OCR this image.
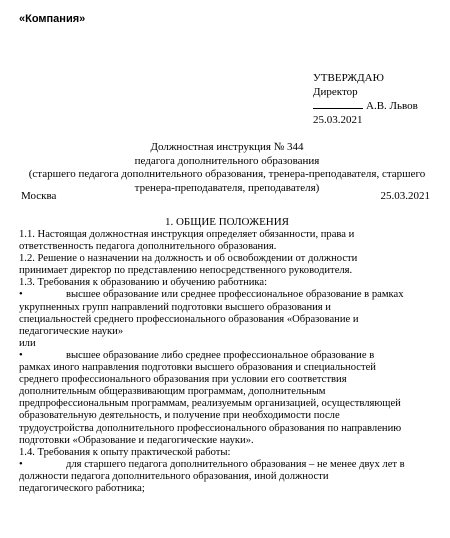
«Компания»
УТВЕРЖДАЮ
Директор
А.В. Львов
25.03.2021
Должностная инструкция № 344
педагога дополнительного образования
(старшего педагога дополнительного образования, тренера-преподавателя, старшего
тренера-преподавателя, преподавателя)
Москва	25.03.2021
1. ОБЩИЕ ПОЛОЖЕНИЯ

1.1. Настоящая должностная инструкция определяет обязанности, права и

ответственность педагога дополнительного образования.

1.2. Решение о назначении на должность и об освобождении от должности

принимает директор по представлению непосредственного руководителя.

1.3. Требования к образованию и обучению работника:

•	высшее образование или среднее профессиональное образование в рамках

укрупненных групп направлений подготовки высшего образования и

специальностей среднего профессионального образования «Образование и

педагогические науки»

или

•	высшее образование либо среднее профессиональное образование в

рамках иного направления подготовки высшего образования и специальностей

среднего профессионального образования при условии его соответствия

дополнительным общеразвивающим программам, дополнительным

предпрофессиональным программам, реализуемым организацией, осуществляющей

образовательную деятельность, и получение при необходимости после

трудоустройства дополнительного профессионального образования по направлению

подготовки «Образование и педагогические науки».

1.4. Требования к опыту практической работы:

•	для старшего педагога дополнительного образования – не менее двух лет в

должности педагога дополнительного образования, иной должности

педагогического работника;
